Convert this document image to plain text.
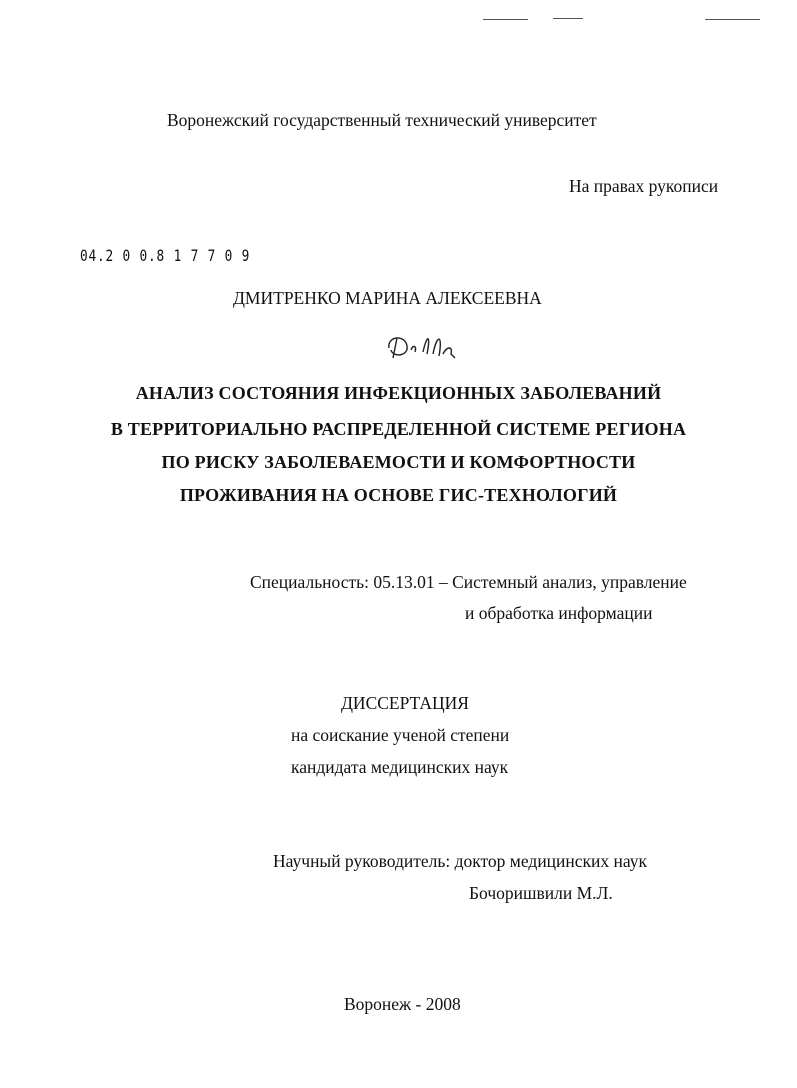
Воронежский государственный технический университет
На правах рукописи
04.2 0 0.8 1 7 7 0 9
ДМИТРЕНКО МАРИНА АЛЕКСЕЕВНА
АНАЛИЗ СОСТОЯНИЯ ИНФЕКЦИОННЫХ ЗАБОЛЕВАНИЙ
В ТЕРРИТОРИАЛЬНО РАСПРЕДЕЛЕННОЙ СИСТЕМЕ РЕГИОНА
ПО РИСКУ ЗАБОЛЕВАЕМОСТИ И КОМФОРТНОСТИ
ПРОЖИВАНИЯ НА ОСНОВЕ ГИС-ТЕХНОЛОГИЙ
Специальность: 05.13.01 – Системный анализ, управление
и обработка информации
ДИССЕРТАЦИЯ
на соискание ученой степени
кандидата медицинских наук
Научный руководитель: доктор медицинских наук
Бочоришвили М.Л.
Воронеж - 2008
